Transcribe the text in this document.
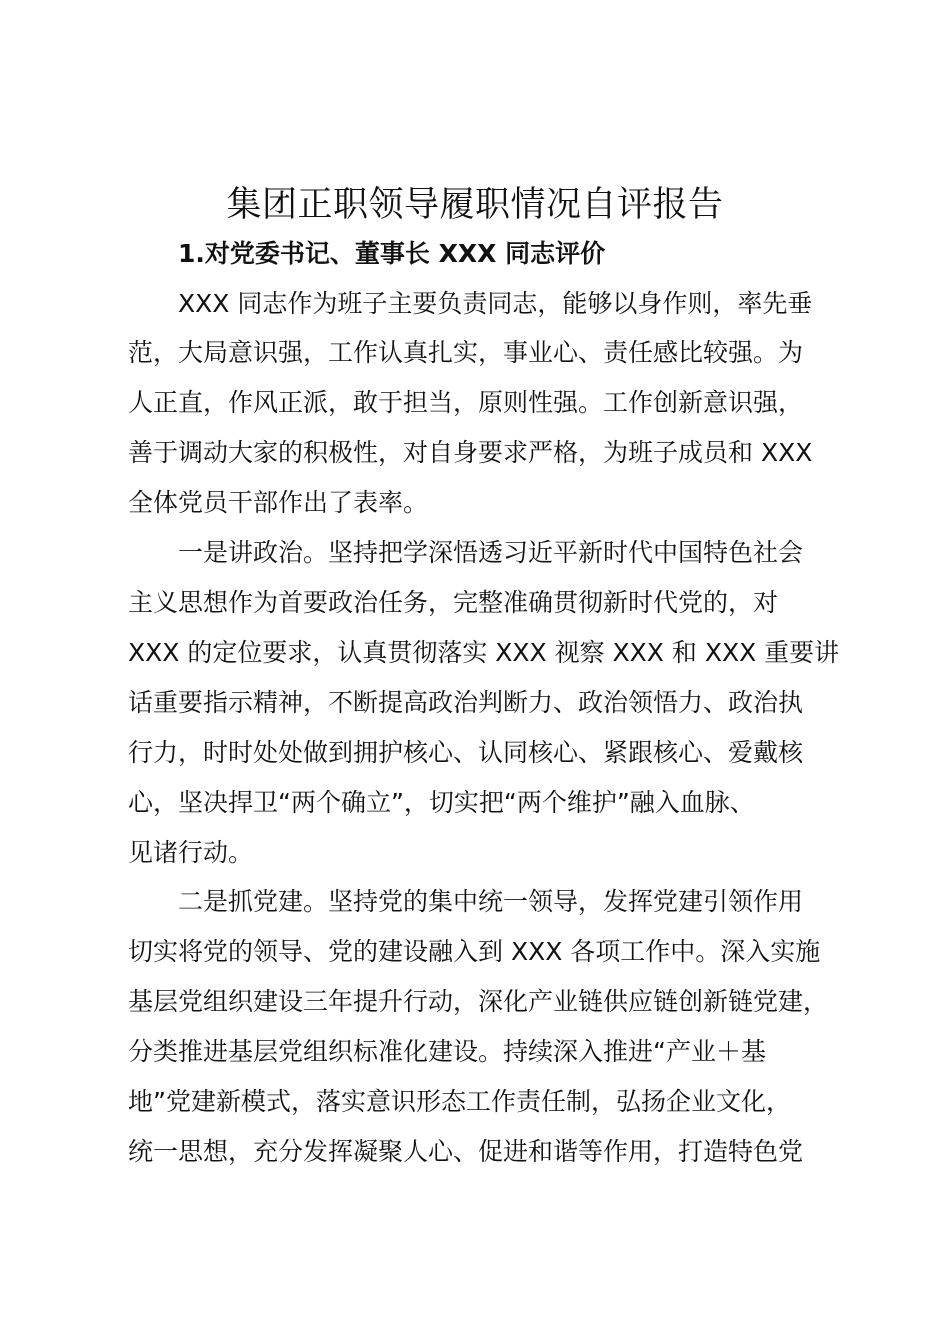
集团正职领导履职情况自评报告
1.对党委书记、董事长 XXX 同志评价
XXX 同志作为班子主要负责同志，能够以身作则，率先垂
范，大局意识强，工作认真扎实，事业心、责任感比较强。为
人正直，作风正派，敢于担当，原则性强。工作创新意识强，
善于调动大家的积极性，对自身要求严格，为班子成员和 XXX
全体党员干部作出了表率。
一是讲政治。坚持把学深悟透习近平新时代中国特色社会
主义思想作为首要政治任务，完整准确贯彻新时代党的，对
XXX 的定位要求，认真贯彻落实 XXX 视察 XXX 和 XXX 重要讲
话重要指示精神，不断提高政治判断力、政治领悟力、政治执
行力，时时处处做到拥护核心、认同核心、紧跟核心、爱戴核
心，坚决捍卫“两个确立”，切实把“两个维护”融入血脉、
见诸行动。
二是抓党建。坚持党的集中统一领导，发挥党建引领作用
切实将党的领导、党的建设融入到 XXX 各项工作中。深入实施
基层党组织建设三年提升行动，深化产业链供应链创新链党建，
分类推进基层党组织标准化建设。持续深入推进“产业＋基
地”党建新模式，落实意识形态工作责任制，弘扬企业文化，
统一思想，充分发挥凝聚人心、促进和谐等作用，打造特色党
